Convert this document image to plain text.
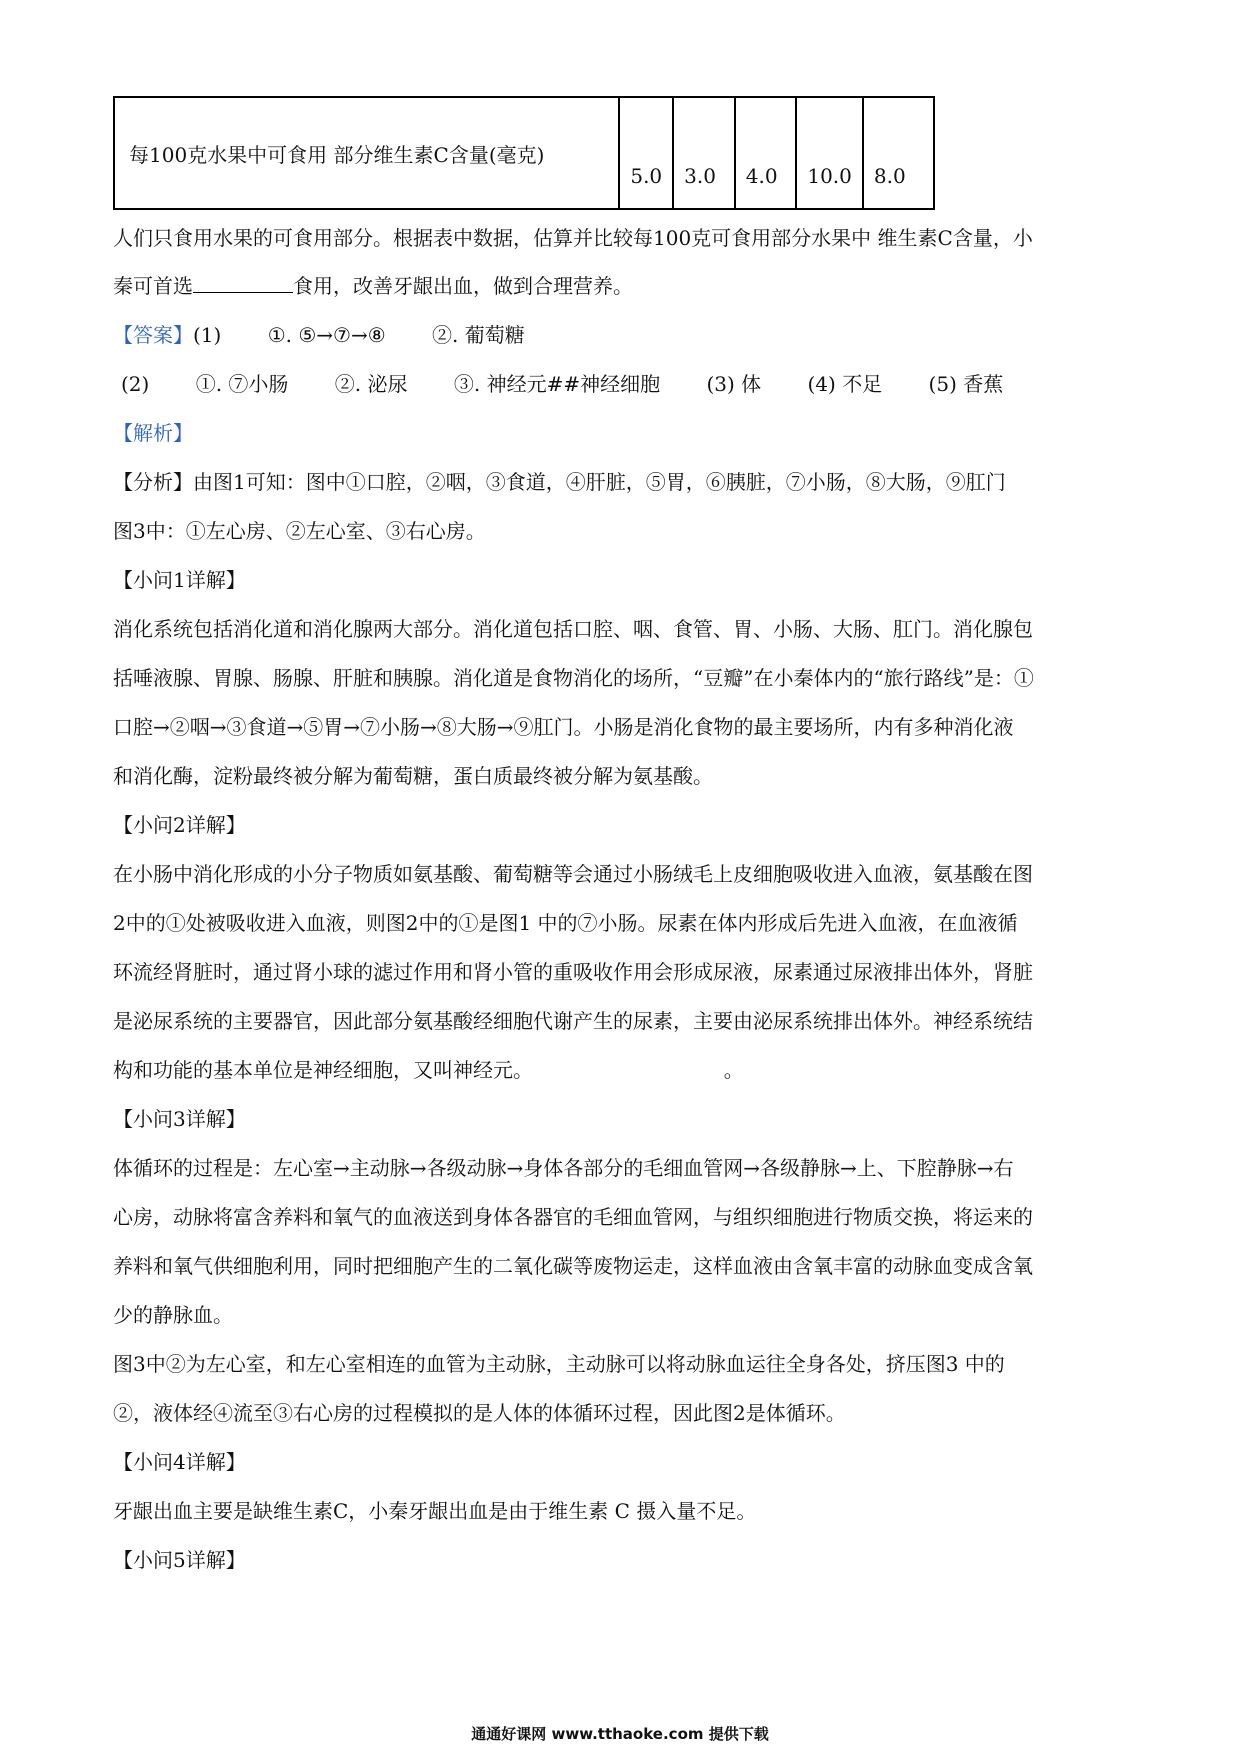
每100克水果中可食用 部分维生素C含量(毫克)	5.0	3.0	4.0	10.0	8.0
人们只食用水果的可食用部分。根据表中数据，估算并比较每100克可食用部分水果中 维生素C含量，小
秦可首选	食用，改善牙龈出血，做到合理营养。
【答案】(1) ①. ⑤→⑦→⑧ ②. 葡萄糖
(2) ①. ⑦小肠 ②. 泌尿 ③. 神经元##神经细胞 (3) 体 (4) 不足 (5) 香蕉
【解析】
【分析】由图1可知：图中①口腔，②咽，③食道，④肝脏，⑤胃，⑥胰脏，⑦小肠，⑧大肠，⑨肛门
图3中：①左心房、②左心室、③右心房。
【小问1详解】
消化系统包括消化道和消化腺两大部分。消化道包括口腔、咽、食管、胃、小肠、大肠、肛门。消化腺包
括唾液腺、胃腺、肠腺、肝脏和胰腺。消化道是食物消化的场所，“豆瓣”在小秦体内的“旅行路线”是：①
口腔→②咽→③食道→⑤胃→⑦小肠→⑧大肠→⑨肛门。小肠是消化食物的最主要场所，内有多种消化液
和消化酶，淀粉最终被分解为葡萄糖，蛋白质最终被分解为氨基酸。
【小问2详解】
在小肠中消化形成的小分子物质如氨基酸、葡萄糖等会通过小肠绒毛上皮细胞吸收进入血液，氨基酸在图
2中的①处被吸收进入血液，则图2中的①是图1 中的⑦小肠。尿素在体内形成后先进入血液，在血液循
环流经肾脏时，通过肾小球的滤过作用和肾小管的重吸收作用会形成尿液，尿素通过尿液排出体外，肾脏
是泌尿系统的主要器官，因此部分氨基酸经细胞代谢产生的尿素，主要由泌尿系统排出体外。神经系统结
构和功能的基本单位是神经细胞，又叫神经元。                              。
【小问3详解】
体循环的过程是：左心室→主动脉→各级动脉→身体各部分的毛细血管网→各级静脉→上、下腔静脉→右
心房，动脉将富含养料和氧气的血液送到身体各器官的毛细血管网，与组织细胞进行物质交换，将运来的
养料和氧气供细胞利用，同时把细胞产生的二氧化碳等废物运走，这样血液由含氧丰富的动脉血变成含氧
少的静脉血。
图3中②为左心室，和左心室相连的血管为主动脉，主动脉可以将动脉血运往全身各处，挤压图3 中的
②，液体经④流至③右心房的过程模拟的是人体的体循环过程，因此图2是体循环。
【小问4详解】
牙龈出血主要是缺维生素C，小秦牙龈出血是由于维生素 C 摄入量不足。
【小问5详解】
通通好课网 www.tthaoke.com 提供下载
